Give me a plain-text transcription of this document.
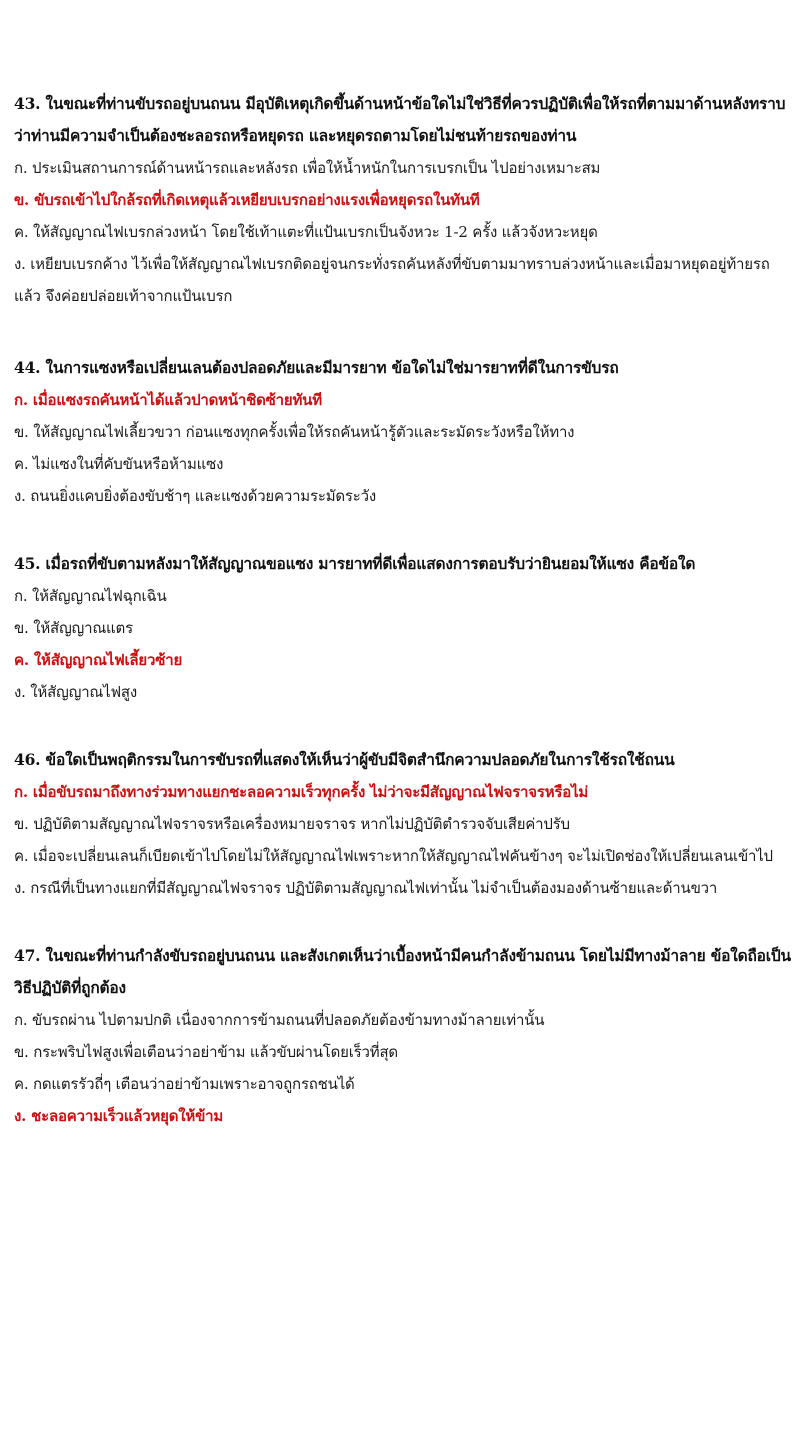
43. ในขณะที่ท่านขับรถอยู่บนถนน มีอุบัติเหตุเกิดขึ้นด้านหน้าข้อใดไม่ใช่วิธีที่ควรปฏิบัติเพื่อให้รถที่ตามมาด้านหลังทราบว่าท่านมีความจำเป็นต้องชะลอรถหรือหยุดรถ และหยุดรถตามโดยไม่ชนท้ายรถของท่าน

ก. ประเมินสถานการณ์ด้านหน้ารถและหลังรถ เพื่อให้น้ำหนักในการเบรกเป็น ไปอย่างเหมาะสม

ข. ขับรถเข้าไปใกล้รถที่เกิดเหตุแล้วเหยียบเบรกอย่างแรงเพื่อหยุดรถในทันที

ค. ให้สัญญาณไฟเบรกล่วงหน้า โดยใช้เท้าแตะที่แป้นเบรกเป็นจังหวะ 1-2 ครั้ง แล้วจังหวะหยุด

ง. เหยียบเบรกค้าง ไว้เพื่อให้สัญญาณไฟเบรกติดอยู่จนกระทั่งรถคันหลังที่ขับตามมาทราบล่วงหน้าและเมื่อมาหยุดอยู่ท้ายรถแล้ว จึงค่อยปล่อยเท้าจากแป้นเบรก

44. ในการแซงหรือเปลี่ยนเลนต้องปลอดภัยและมีมารยาท ข้อใดไม่ใช่มารยาทที่ดีในการขับรถ

ก. เมื่อแซงรถคันหน้าได้แล้วปาดหน้าชิดซ้ายทันที

ข. ให้สัญญาณไฟเลี้ยวขวา ก่อนแซงทุกครั้งเพื่อให้รถคันหน้ารู้ตัวและระมัดระวังหรือให้ทาง

ค. ไม่แซงในที่คับขันหรือห้ามแซง

ง. ถนนยิ่งแคบยิ่งต้องขับช้าๆ และแซงด้วยความระมัดระวัง

45. เมื่อรถที่ขับตามหลังมาให้สัญญาณขอแซง มารยาทที่ดีเพื่อแสดงการตอบรับว่ายินยอมให้แซง คือข้อใด

ก. ให้สัญญาณไฟฉุกเฉิน

ข. ให้สัญญาณแตร

ค. ให้สัญญาณไฟเลี้ยวซ้าย

ง. ให้สัญญาณไฟสูง

46. ข้อใดเป็นพฤติกรรมในการขับรถที่แสดงให้เห็นว่าผู้ขับมีจิตสำนึกความปลอดภัยในการใช้รถใช้ถนน

ก. เมื่อขับรถมาถึงทางร่วมทางแยกชะลอความเร็วทุกครั้ง ไม่ว่าจะมีสัญญาณไฟจราจรหรือไม่

ข. ปฏิบัติตามสัญญาณไฟจราจรหรือเครื่องหมายจราจร หากไม่ปฏิบัติตำรวจจับเสียค่าปรับ

ค. เมื่อจะเปลี่ยนเลนก็เบียดเข้าไปโดยไม่ให้สัญญาณไฟเพราะหากให้สัญญาณไฟคันข้างๆ จะไม่เปิดช่องให้เปลี่ยนเลนเข้าไป

ง. กรณีที่เป็นทางแยกที่มีสัญญาณไฟจราจร ปฏิบัติตามสัญญาณไฟเท่านั้น ไม่จำเป็นต้องมองด้านซ้ายและด้านขวา

47. ในขณะที่ท่านกำลังขับรถอยู่บนถนน และสังเกตเห็นว่าเบื้องหน้ามีคนกำลังข้ามถนน โดยไม่มีทางม้าลาย ข้อใดถือเป็นวิธีปฏิบัติที่ถูกต้อง

ก. ขับรถผ่าน ไปตามปกติ เนื่องจากการข้ามถนนที่ปลอดภัยต้องข้ามทางม้าลายเท่านั้น

ข. กระพริบไฟสูงเพื่อเตือนว่าอย่าข้าม แล้วขับผ่านโดยเร็วที่สุด

ค. กดแตรรัวถี่ๆ เตือนว่าอย่าข้ามเพราะอาจถูกรถชนได้

ง. ชะลอความเร็วแล้วหยุดให้ข้าม
